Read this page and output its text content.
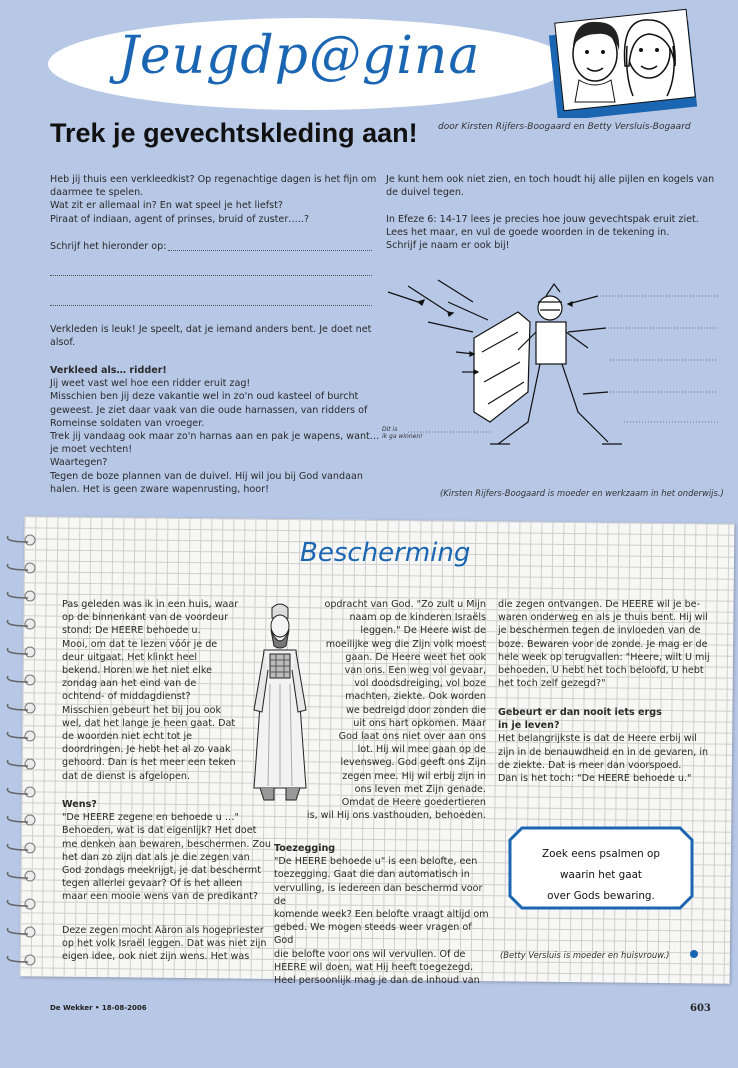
Jeugdp@gina
Trek je gevechtskleding aan! door Kirsten Rijfers-Boogaard en Betty Versluis-Bogaard

Heb jij thuis een verkleedkist? Op regenachtige dagen is het fijn om
daarmee te spelen.
Wat zit er allemaal in? En wat speel je het liefst?
Piraat of indiaan, agent of prinses, bruid of zuster…..?

Schrijf het hieronder op:

Verkleden is leuk! Je speelt, dat je iemand anders bent. Je doet net
alsof.

Verkleed als… ridder!
Jij weet vast wel hoe een ridder eruit zag!
Misschien ben jij deze vakantie wel in zo'n oud kasteel of burcht
geweest. Je ziet daar vaak van die oude harnassen, van ridders of
Romeinse soldaten van vroeger.
Trek jij vandaag ook maar zo'n harnas aan en pak je wapens, want…
je moet vechten!
Waartegen?
Tegen de boze plannen van de duivel. Hij wil jou bij God vandaan
halen. Het is geen zware wapenrusting, hoor!

Je kunt hem ook niet zien, en toch houdt hij alle pijlen en kogels van
de duivel tegen.

In Efeze 6: 14-17 lees je precies hoe jouw gevechtspak eruit ziet.
Lees het maar, en vul de goede woorden in de tekening in.
Schrijf je naam er ook bij!

Dit is
ik ga winnen!
(Kirsten Rijfers-Boogaard is moeder en werkzaam in het onderwijs.)
Bescherming

Pas geleden was ik in een huis, waar
op de binnenkant van de voordeur
stond: De HEERE behoede u.
Mooi, om dat te lezen vóór je de
deur uitgaat. Het klinkt heel
bekend. Horen we het niet elke
zondag aan het eind van de
ochtend- of middagdienst?
Misschien gebeurt het bij jou ook
wel, dat het lange je heen gaat. Dat
de woorden niet echt tot je
doordringen. Je hebt het al zo vaak
gehoord. Dan is het meer een teken
dat de dienst is afgelopen.

Wens?
"De HEERE zegene en behoede u …"
Behoeden, wat is dat eigenlijk? Het doet
me denken aan bewaren, beschermen. Zou
het dan zo zijn dat als je die zegen van
God zondags meekrijgt, je dat beschermt
tegen allerlei gevaar? Of is het alleen
maar een mooie wens van de predikant?

Deze zegen mocht Aäron als hogepriester
op het volk Israël leggen. Dat was niet zijn
eigen idee, ook niet zijn wens. Het was

opdracht van God. "Zo zult u Mijn
naam op de kinderen Israëls
leggen." De Heere wist de
moeilijke weg die Zijn volk moest
gaan. De Heere weet het ook
van ons. Een weg vol gevaar,
vol doodsdreiging, vol boze
machten, ziekte. Ook worden
we bedreigd door zonden die
uit ons hart opkomen. Maar
God laat ons niet over aan ons
lot. Hij wil mee gaan op de
levensweg. God geeft ons Zijn
zegen mee. Hij wil erbij zijn in
ons leven met Zijn genade.
Omdat de Heere goedertieren
is, wil Hij ons vasthouden, behoeden.

Toezegging
"De HEERE behoede u" is een belofte, een
toezegging. Gaat die dan automatisch in
vervulling, is iedereen dan beschermd voor de
komende week? Een belofte vraagt altijd om
gebed. We mogen steeds weer vragen of God
die belofte voor ons wil vervullen. Of de
HEERE wil doen, wat Hij heeft toegezegd.
Heel persoonlijk mag je dan de inhoud van

die zegen ontvangen. De HEERE wil je be-
waren onderweg en als je thuis bent. Hij wil
je beschermen tegen de invloeden van de
boze. Bewaren voor de zonde. Je mag er de
hele week op terugvallen: "Heere, wilt U mij
behoeden, U hebt het toch beloofd, U hebt
het toch zelf gezegd?"

Gebeurt er dan nooit iets ergs
in je leven?
Het belangrijkste is dat de Heere erbij wil
zijn in de benauwdheid en in de gevaren, in
de ziekte. Dat is meer dan voorspoed.
Dan is het toch: "De HEERE behoede u."

Zoek eens psalmen op
waarin het gaat
over Gods bewaring.

(Betty Versluis is moeder en huisvrouw.)
De Wekker • 18-08-2006	603
